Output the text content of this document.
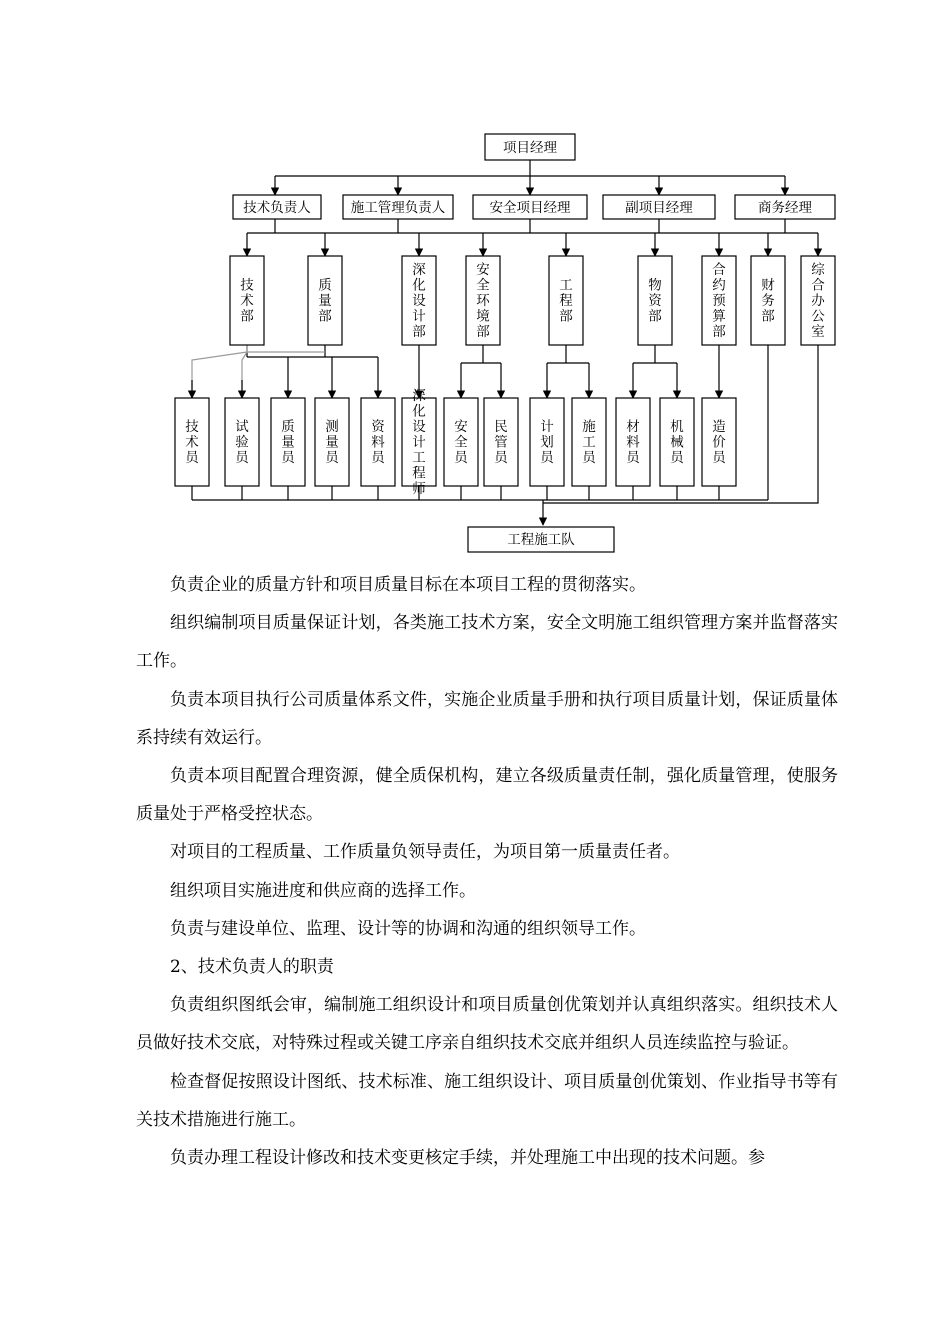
项目经理
技术负责人	施工管理负责人	安全项目经理	副项目经理	商务经理
技
术
部
质
量
部
深
化
设
计
部
安
全
环
境
部
工
程
部
物
资
部
合
约
预
算
部
财
务
部
综
合
办
公
室
技
术
员
试
验
员
质
量
员
测
量
员
资
料
员
深
化
设
计
工
程
师
安
全
员
民
管
员
计
划
员
施
工
员
材
料
员
机
械
员
造
价
员
工程施工队

负责企业的质量方针和项目质量目标在本项目工程的贯彻落实。

组织编制项目质量保证计划，各类施工技术方案，安全文明施工组织管理方案并监督落实工作。

负责本项目执行公司质量体系文件，实施企业质量手册和执行项目质量计划，保证质量体系持续有效运行。

负责本项目配置合理资源，健全质保机构，建立各级质量责任制，强化质量管理，使服务质量处于严格受控状态。

对项目的工程质量、工作质量负领导责任，为项目第一质量责任者。

组织项目实施进度和供应商的选择工作。

负责与建设单位、监理、设计等的协调和沟通的组织领导工作。

2、技术负责人的职责

负责组织图纸会审，编制施工组织设计和项目质量创优策划并认真组织落实。组织技术人员做好技术交底，对特殊过程或关键工序亲自组织技术交底并组织人员连续监控与验证。

检查督促按照设计图纸、技术标准、施工组织设计、项目质量创优策划、作业指导书等有关技术措施进行施工。

负责办理工程设计修改和技术变更核定手续，并处理施工中出现的技术问题。参
